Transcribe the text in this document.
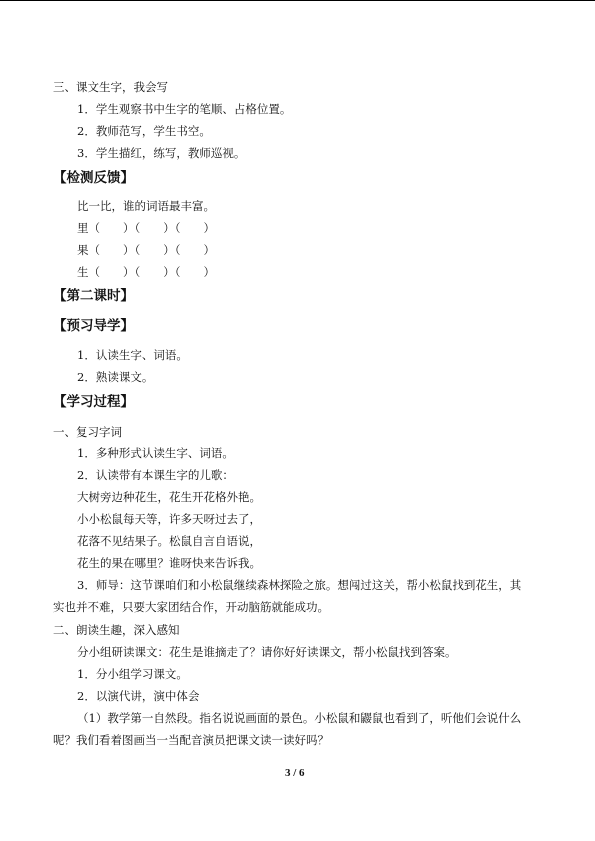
三、课文生字，我会写
1．学生观察书中生字的笔顺、占格位置。
2．教师范写，学生书空。
3．学生描红，练写，教师巡视。
【检测反馈】
比一比，谁的词语最丰富。
里（　　）（　　）（　　）
果（　　）（　　）（　　）
生（　　）（　　）（　　）
【第二课时】
【预习导学】
1．认读生字、词语。
2．熟读课文。
【学习过程】
一、复习字词
1．多种形式认读生字、词语。
2．认读带有本课生字的儿歌：
大树旁边种花生，花生开花格外艳。
小小松鼠每天等，许多天呀过去了，
花落不见结果子。松鼠自言自语说，
花生的果在哪里？谁呀快来告诉我。
3．师导：这节课咱们和小松鼠继续森林探险之旅。想闯过这关，帮小松鼠找到花生，其
实也并不难，只要大家团结合作，开动脑筋就能成功。
二、朗读生趣，深入感知
分小组研读课文：花生是谁摘走了？请你好好读课文，帮小松鼠找到答案。
1．分小组学习课文。
2．以演代讲，演中体会
（1）教学第一自然段。指名说说画面的景色。小松鼠和鼹鼠也看到了，听他们会说什么
呢？我们看着图画当一当配音演员把课文读一读好吗？
3 / 6
